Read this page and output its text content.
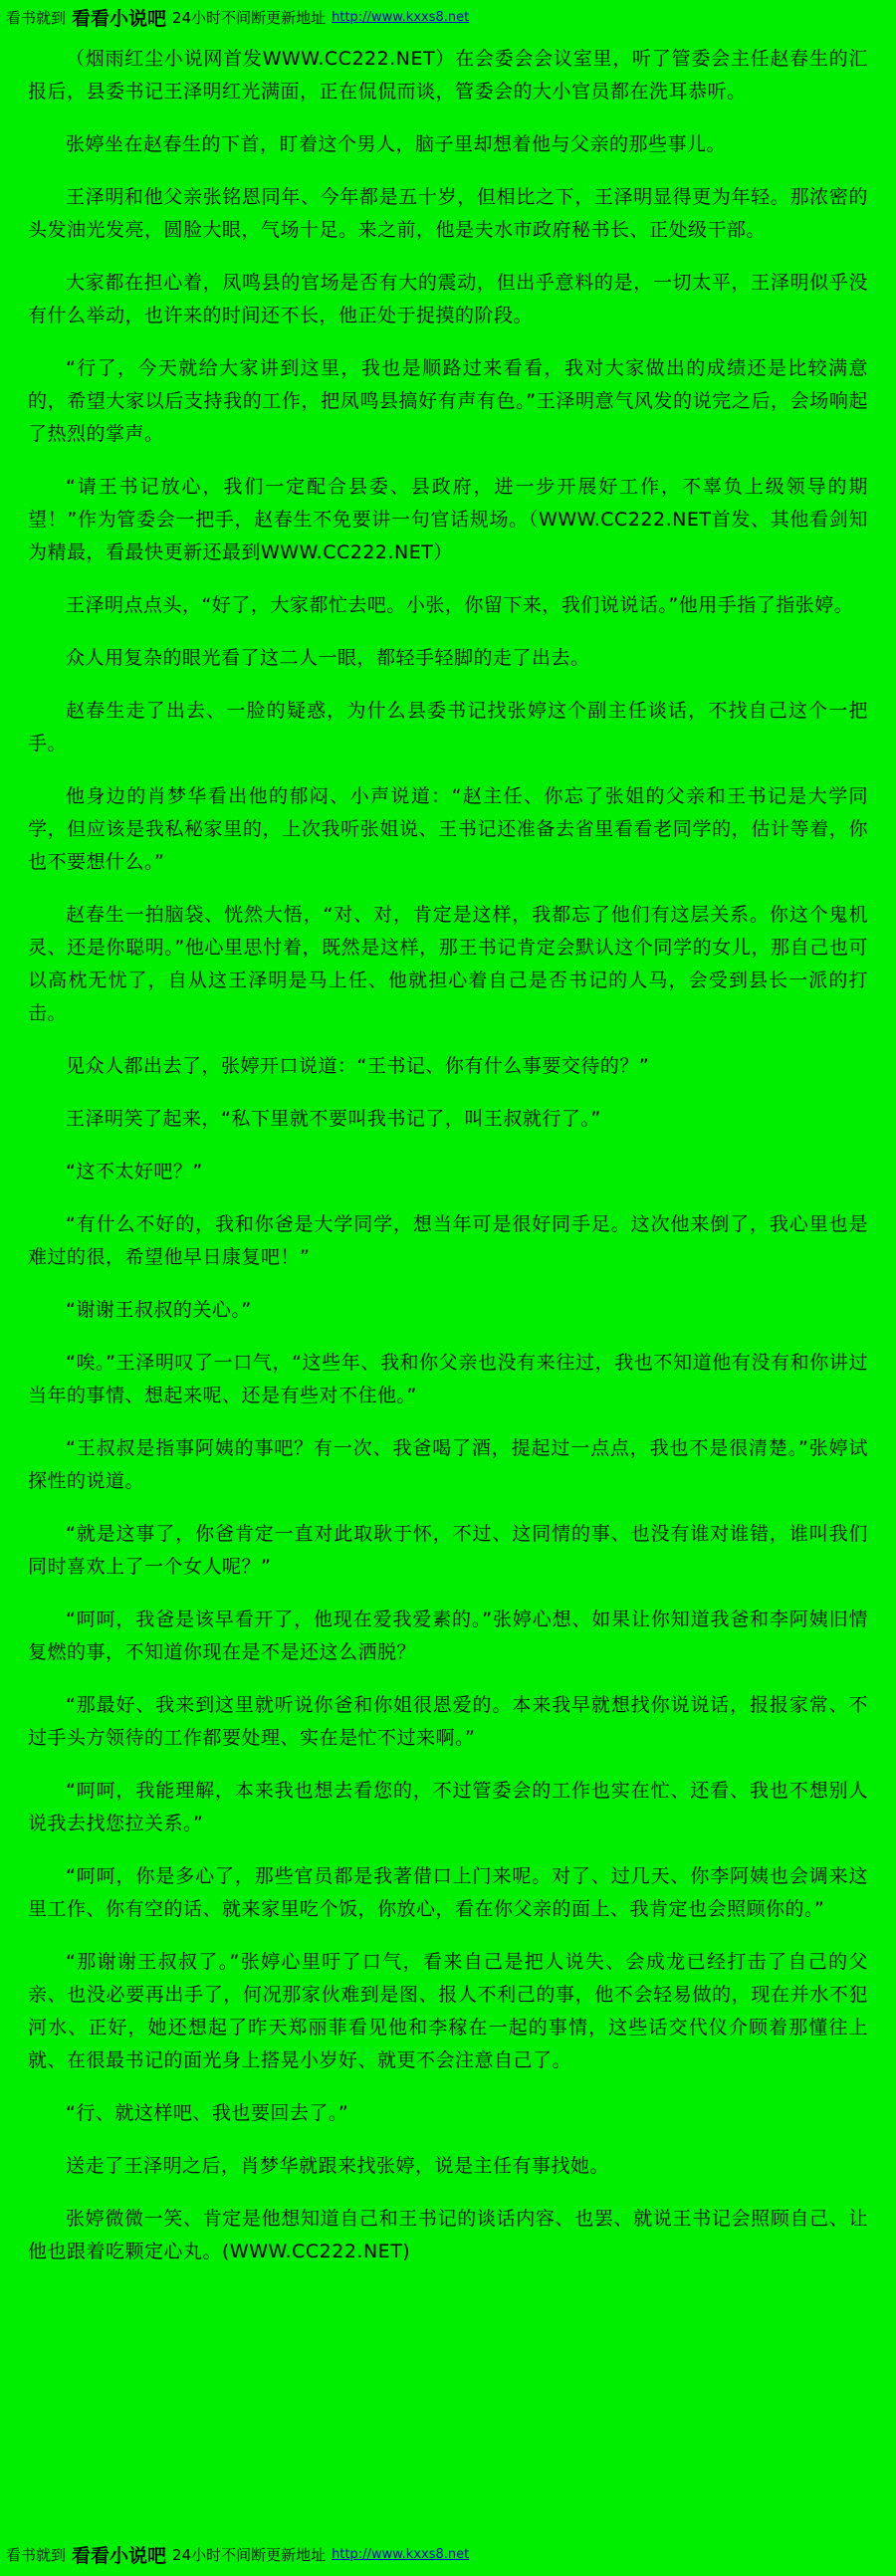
看书就到 看看小说吧 24小时不间断更新地址 http://www.kxxs8.net

（烟雨红尘小说网首发WWW.CC222.NET）在会委会会议室里，听了管委会主任赵春生的汇报后，县委书记王泽明红光满面，正在侃侃而谈，管委会的大小官员都在洗耳恭听。

张婷坐在赵春生的下首，盯着这个男人，脑子里却想着他与父亲的那些事儿。

王泽明和他父亲张铭恩同年、今年都是五十岁，但相比之下，王泽明显得更为年轻。那浓密的头发油光发亮，圆脸大眼，气场十足。来之前，他是夫水市政府秘书长、正处级干部。

大家都在担心着，凤鸣县的官场是否有大的震动，但出乎意料的是，一切太平，王泽明似乎没有什么举动，也许来的时间还不长，他正处于捉摸的阶段。

“行了，今天就给大家讲到这里，我也是顺路过来看看，我对大家做出的成绩还是比较满意的，希望大家以后支持我的工作，把凤鸣县搞好有声有色。”王泽明意气风发的说完之后，会场响起了热烈的掌声。

“请王书记放心，我们一定配合县委、县政府，进一步开展好工作，不辜负上级领导的期望！”作为管委会一把手，赵春生不免要讲一句官话规场。（WWW.CC222.NET首发、其他看剑知为精最，看最快更新还最到WWW.CC222.NET）

王泽明点点头，“好了，大家都忙去吧。小张，你留下来，我们说说话。”他用手指了指张婷。

众人用复杂的眼光看了这二人一眼，都轻手轻脚的走了出去。

赵春生走了出去、一脸的疑惑，为什么县委书记找张婷这个副主任谈话，不找自己这个一把手。

他身边的肖梦华看出他的郁闷、小声说道：“赵主任、你忘了张姐的父亲和王书记是大学同学，但应该是我私秘家里的，上次我听张姐说、王书记还准备去省里看看老同学的，估计等着，你也不要想什么。”

赵春生一拍脑袋、恍然大悟，“对、对，肯定是这样，我都忘了他们有这层关系。你这个鬼机灵、还是你聪明。”他心里思忖着，既然是这样，那王书记肯定会默认这个同学的女儿，那自己也可以高枕无忧了，自从这王泽明是马上任、他就担心着自己是否书记的人马，会受到县长一派的打击。

见众人都出去了，张婷开口说道：“王书记、你有什么事要交待的？”

王泽明笑了起来，“私下里就不要叫我书记了，叫王叔就行了。”

“这不太好吧？”

“有什么不好的，我和你爸是大学同学，想当年可是很好同手足。这次他来倒了，我心里也是难过的很，希望他早日康复吧！”

“谢谢王叔叔的关心。”

“唉。”王泽明叹了一口气，“这些年、我和你父亲也没有来往过，我也不知道他有没有和你讲过当年的事情、想起来呢、还是有些对不住他。”

“王叔叔是指事阿姨的事吧？有一次、我爸喝了酒，提起过一点点，我也不是很清楚。”张婷试探性的说道。

“就是这事了，你爸肯定一直对此取耿于怀，不过、这同情的事、也没有谁对谁错，谁叫我们同时喜欢上了一个女人呢？”

“呵呵，我爸是该早看开了，他现在爱我爱素的。”张婷心想、如果让你知道我爸和李阿姨旧情复燃的事，不知道你现在是不是还这么洒脱？

“那最好、我来到这里就听说你爸和你姐很恩爱的。本来我早就想找你说说话，报报家常、不过手头方领待的工作都要处理、实在是忙不过来啊。”

“呵呵，我能理解，本来我也想去看您的，不过管委会的工作也实在忙、还看、我也不想别人说我去找您拉关系。”

“呵呵，你是多心了，那些官员都是我著借口上门来呢。对了、过几天、你李阿姨也会调来这里工作、你有空的话、就来家里吃个饭，你放心，看在你父亲的面上、我肯定也会照顾你的。”

“那谢谢王叔叔了。”张婷心里吁了口气，看来自己是把人说失、会成龙已经打击了自己的父亲、也没必要再出手了，何况那家伙难到是图、报人不利己的事，他不会轻易做的，现在并水不犯河水、正好，她还想起了昨天郑丽菲看见他和李稼在一起的事情，这些话交代仪介顾着那懂往上就、在很最书记的面光身上搭晃小岁好、就更不会注意自己了。

“行、就这样吧、我也要回去了。”

送走了王泽明之后，肖梦华就跟来找张婷，说是主任有事找她。

张婷微微一笑、肯定是他想知道自己和王书记的谈话内容、也罢、就说王书记会照顾自己、让他也跟着吃颗定心丸。(WWW.CC222.NET)

看书就到 看看小说吧 24小时不间断更新地址 http://www.kxxs8.net
